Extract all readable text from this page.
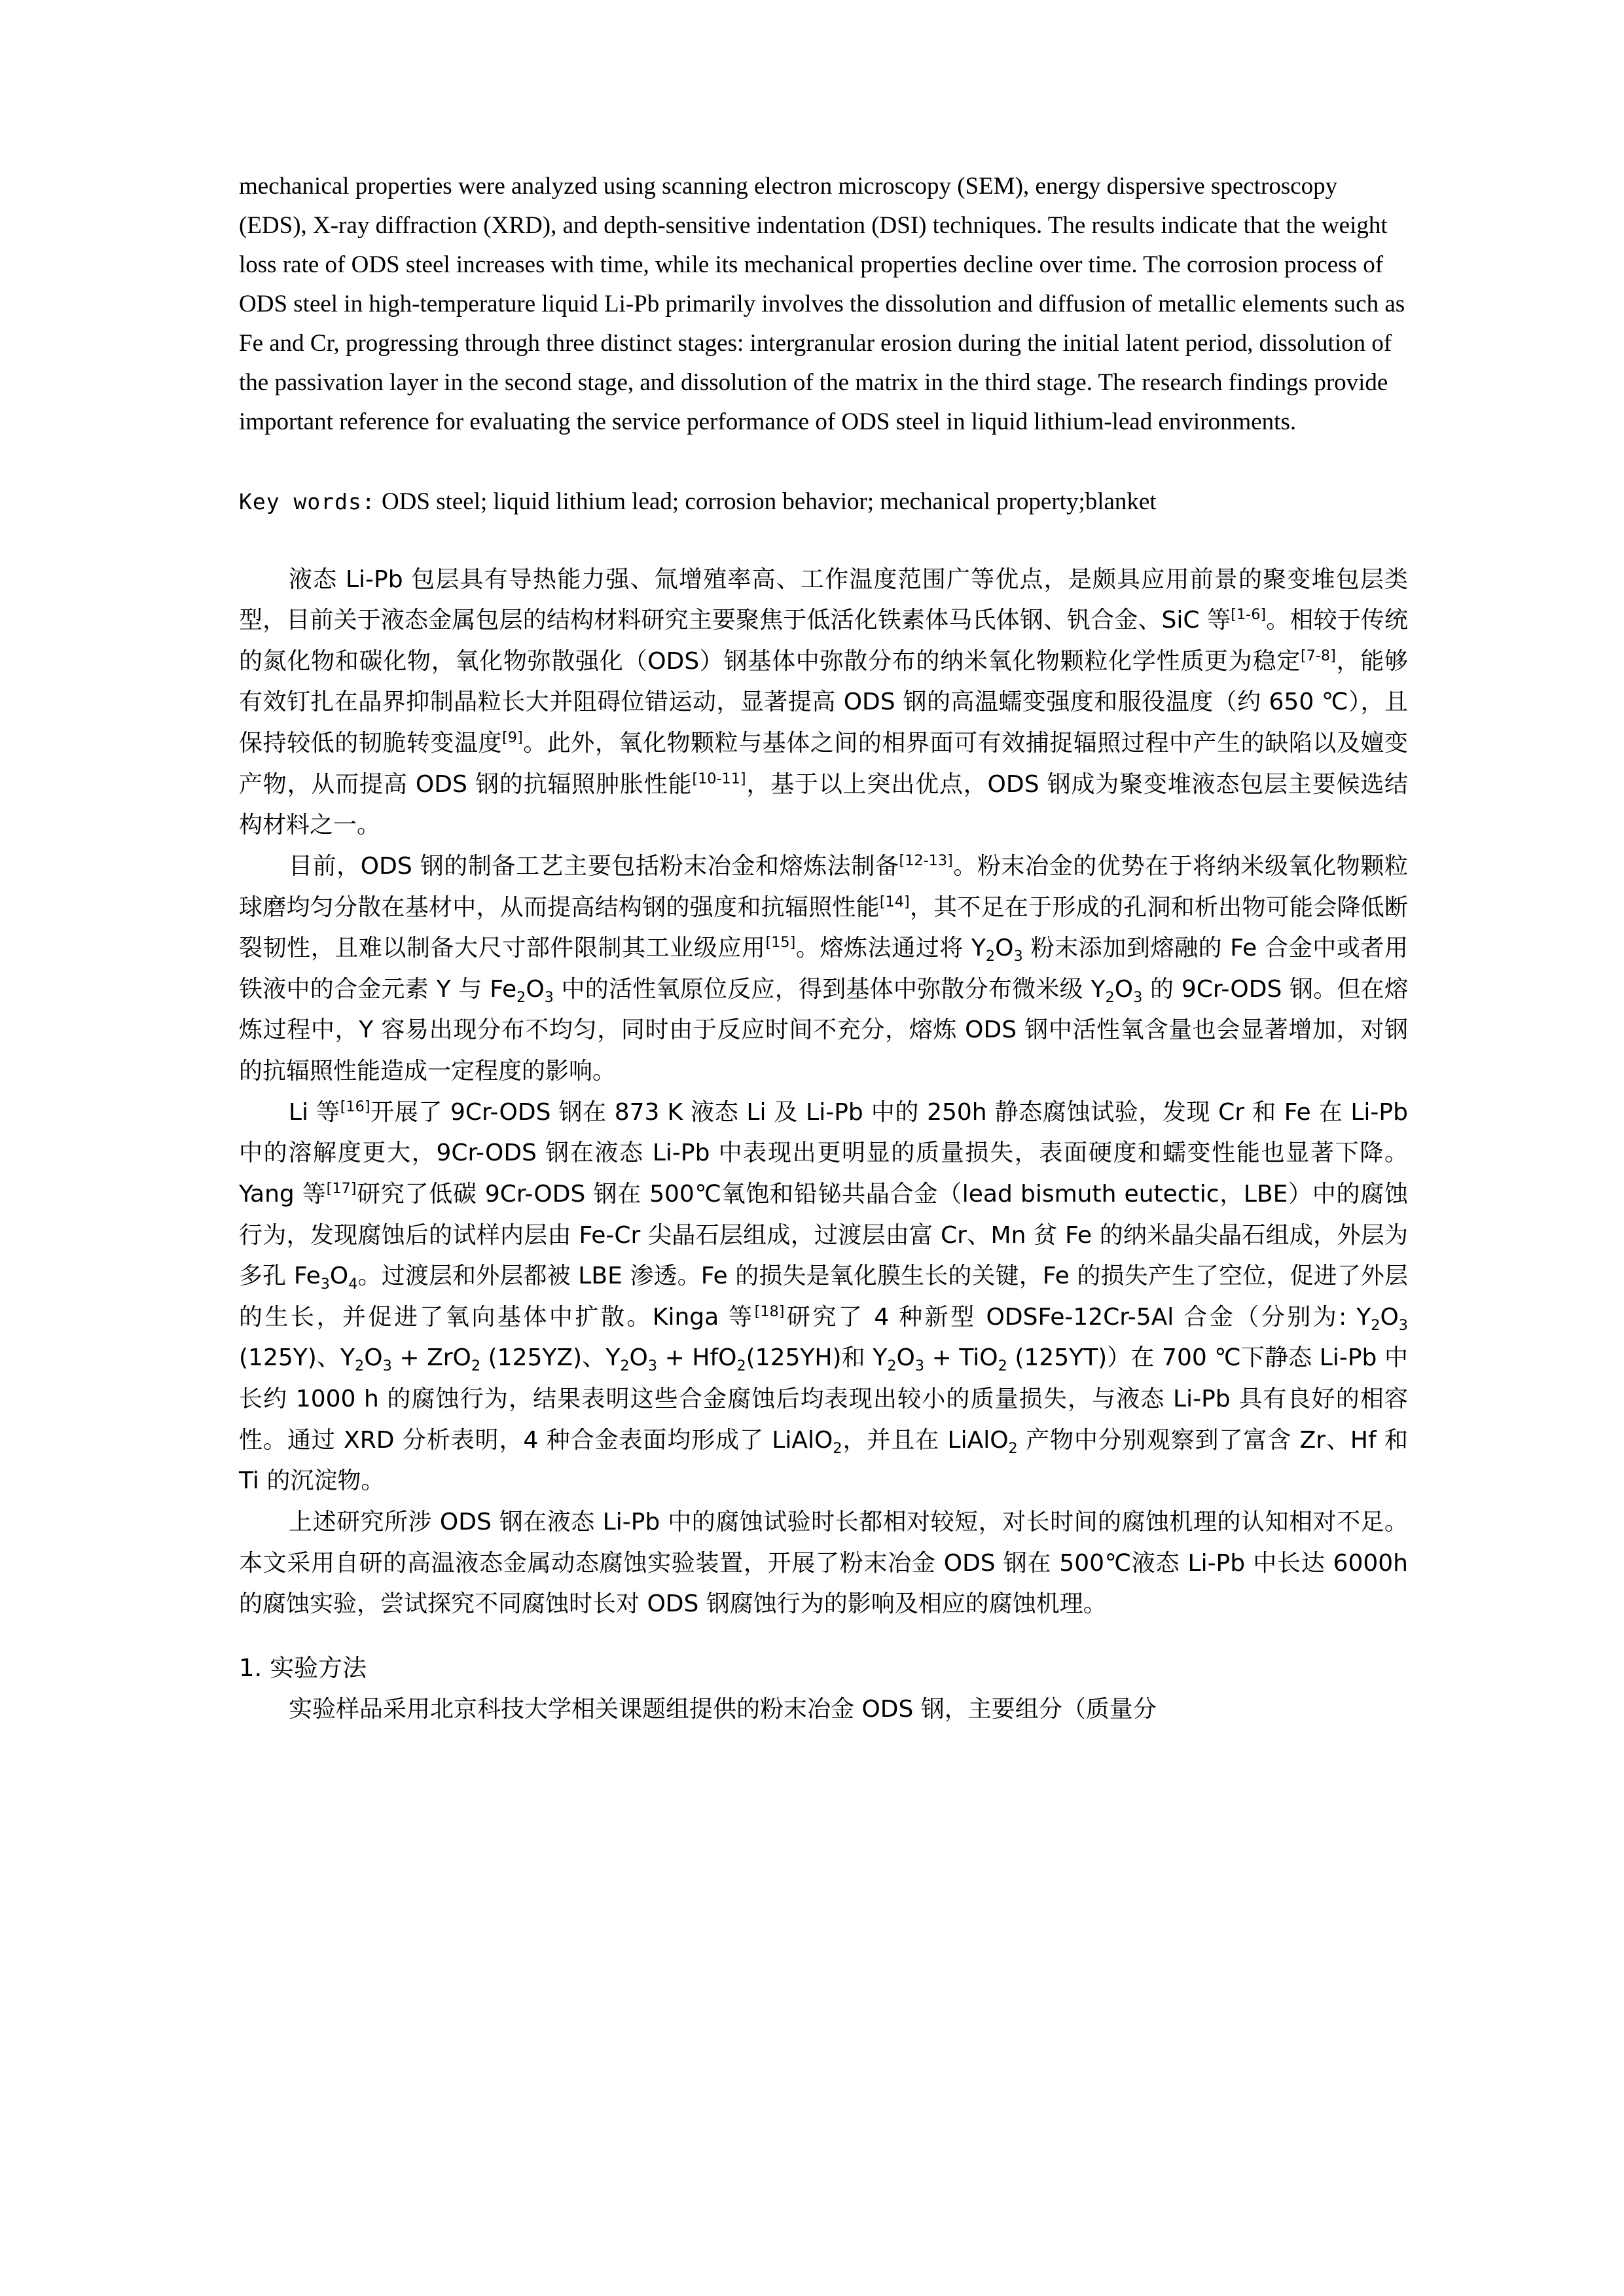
mechanical properties were analyzed using scanning electron microscopy (SEM), energy dispersive spectroscopy (EDS), X-ray diffraction (XRD), and depth-sensitive indentation (DSI) techniques. The results indicate that the weight loss rate of ODS steel increases with time, while its mechanical properties decline over time. The corrosion process of ODS steel in high-temperature liquid Li-Pb primarily involves the dissolution and diffusion of metallic elements such as Fe and Cr, progressing through three distinct stages: intergranular erosion during the initial latent period, dissolution of the passivation layer in the second stage, and dissolution of the matrix in the third stage. The research findings provide important reference for evaluating the service performance of ODS steel in liquid lithium-lead environments.

Key words: ODS steel; liquid lithium lead; corrosion behavior; mechanical property;blanket

液态 Li-Pb 包层具有导热能力强、氚增殖率高、工作温度范围广等优点，是颇具应用前景的聚变堆包层类型，目前关于液态金属包层的结构材料研究主要聚焦于低活化铁素体马氏体钢、钒合金、SiC 等[1-6]。相较于传统的氮化物和碳化物，氧化物弥散强化（ODS）钢基体中弥散分布的纳米氧化物颗粒化学性质更为稳定[7-8]，能够有效钉扎在晶界抑制晶粒长大并阻碍位错运动，显著提高 ODS 钢的高温蠕变强度和服役温度（约 650 ℃），且保持较低的韧脆转变温度[9]。此外，氧化物颗粒与基体之间的相界面可有效捕捉辐照过程中产生的缺陷以及嬗变产物，从而提高 ODS 钢的抗辐照肿胀性能[10-11]，基于以上突出优点，ODS 钢成为聚变堆液态包层主要候选结构材料之一。

目前，ODS 钢的制备工艺主要包括粉末冶金和熔炼法制备[12-13]。粉末冶金的优势在于将纳米级氧化物颗粒球磨均匀分散在基材中，从而提高结构钢的强度和抗辐照性能[14]，其不足在于形成的孔洞和析出物可能会降低断裂韧性，且难以制备大尺寸部件限制其工业级应用[15]。熔炼法通过将 $Y_2O_3$ 粉末添加到熔融的 Fe 合金中或者用铁液中的合金元素 Y 与 $Fe_2O_3$ 中的活性氧原位反应，得到基体中弥散分布微米级 $Y_2O_3$ 的 9Cr-ODS 钢。但在熔炼过程中，Y 容易出现分布不均匀，同时由于反应时间不充分，熔炼 ODS 钢中活性氧含量也会显著增加，对钢的抗辐照性能造成一定程度的影响。

Li 等[16]开展了 9Cr-ODS 钢在 873 K 液态 Li 及 Li-Pb 中的 250h 静态腐蚀试验，发现 Cr 和 Fe 在 Li-Pb 中的溶解度更大，9Cr-ODS 钢在液态 Li-Pb 中表现出更明显的质量损失，表面硬度和蠕变性能也显著下降。Yang 等[17]研究了低碳 9Cr-ODS 钢在 500℃氧饱和铅铋共晶合金（lead bismuth eutectic，LBE）中的腐蚀行为，发现腐蚀后的试样内层由 Fe-Cr 尖晶石层组成，过渡层由富 Cr、Mn 贫 Fe 的纳米晶尖晶石组成，外层为多孔 $Fe_3O_4$。过渡层和外层都被 LBE 渗透。Fe 的损失是氧化膜生长的关键，Fe 的损失产生了空位，促进了外层的生长，并促进了氧向基体中扩散。Kinga 等[18]研究了 4 种新型 ODSFe-12Cr-5Al 合金（分别为: $Y_2O_3$ (125Y)、$Y_2O_3 + ZrO_2$ (125YZ)、$Y_2O_3 + HfO_2(125YH)$和 $Y_2O_3 + TiO_2$ (125YT)）在 700 ℃下静态 Li-Pb 中长约 1000 h 的腐蚀行为，结果表明这些合金腐蚀后均表现出较小的质量损失，与液态 Li-Pb 具有良好的相容性。通过 XRD 分析表明，4 种合金表面均形成了 LiAlO$_2$，并且在 LiAlO$_2$ 产物中分别观察到了富含 Zr、Hf 和 Ti 的沉淀物。

上述研究所涉 ODS 钢在液态 Li-Pb 中的腐蚀试验时长都相对较短，对长时间的腐蚀机理的认知相对不足。本文采用自研的高温液态金属动态腐蚀实验装置，开展了粉末冶金 ODS 钢在 500℃液态 Li-Pb 中长达 6000h 的腐蚀实验，尝试探究不同腐蚀时长对 ODS 钢腐蚀行为的影响及相应的腐蚀机理。

1. 实验方法

实验样品采用北京科技大学相关课题组提供的粉末冶金 ODS 钢，主要组分（质量分
